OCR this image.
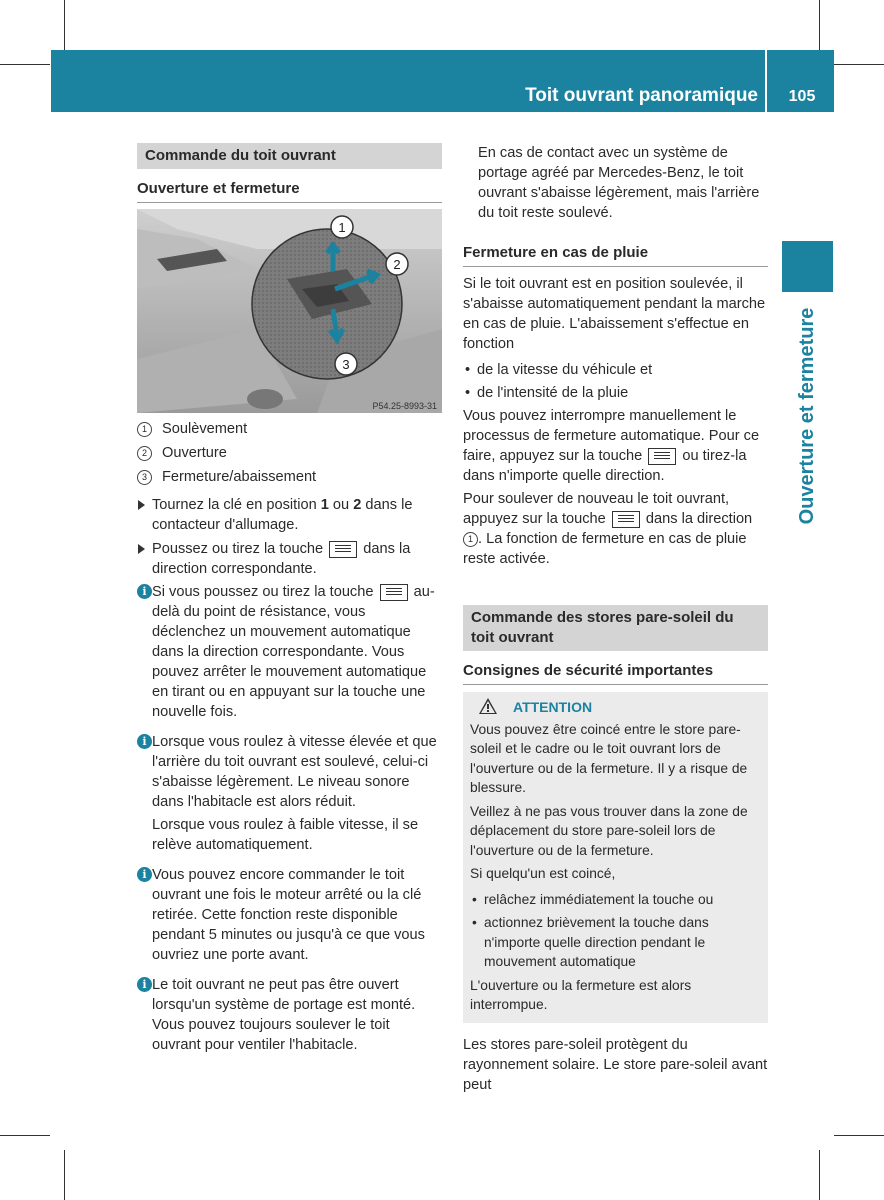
Toit ouvrant panoramique	105
Ouverture et fermeture
Commande du toit ouvrant
Ouverture et fermeture
1
2
3
P54.25-8993-31
1 Soulèvement
2 Ouverture
3 Fermeture/abaissement

Tournez la clé en position 1 ou 2 dans le contacteur d'allumage.

Poussez ou tirez la touche  dans la direction correspondante.

i Si vous poussez ou tirez la touche  au-delà du point de résistance, vous déclenchez un mouvement automatique dans la direction correspondante. Vous pouvez arrêter le mouvement automatique en tirant ou en appuyant sur la touche une nouvelle fois.

i Lorsque vous roulez à vitesse élevée et que l'arrière du toit ouvrant est soulevé, celui-ci s'abaisse légèrement. Le niveau sonore dans l'habitacle est alors réduit.

Lorsque vous roulez à faible vitesse, il se relève automatiquement.

i Vous pouvez encore commander le toit ouvrant une fois le moteur arrêté ou la clé retirée. Cette fonction reste disponible pendant 5 minutes ou jusqu'à ce que vous ouvriez une porte avant.

i Le toit ouvrant ne peut pas être ouvert lorsqu'un système de portage est monté. Vous pouvez toujours soulever le toit ouvrant pour ventiler l'habitacle.

En cas de contact avec un système de portage agréé par Mercedes-Benz, le toit ouvrant s'abaisse légèrement, mais l'arrière du toit reste soulevé.

Fermeture en cas de pluie

Si le toit ouvrant est en position soulevée, il s'abaisse automatiquement pendant la marche en cas de pluie. L'abaissement s'effectue en fonction

• de la vitesse du véhicule et
• de l'intensité de la pluie

Vous pouvez interrompre manuellement le processus de fermeture automatique. Pour ce faire, appuyez sur la touche  ou tirez-la dans n'importe quelle direction.

Pour soulever de nouveau le toit ouvrant, appuyez sur la touche  dans la direction 1 . La fonction de fermeture en cas de pluie reste activée.

Commande des stores pare-soleil du toit ouvrant
Consignes de sécurité importantes
ATTENTION

Vous pouvez être coincé entre le store pare-soleil et le cadre ou le toit ouvrant lors de l'ouverture ou de la fermeture. Il y a risque de blessure.

Veillez à ne pas vous trouver dans la zone de déplacement du store pare-soleil lors de l'ouverture ou de la fermeture.

Si quelqu'un est coincé,

• relâchez immédiatement la touche ou
• actionnez brièvement la touche dans n'importe quelle direction pendant le mouvement automatique

L'ouverture ou la fermeture est alors interrompue.

Les stores pare-soleil protègent du rayonnement solaire. Le store pare-soleil avant peut
